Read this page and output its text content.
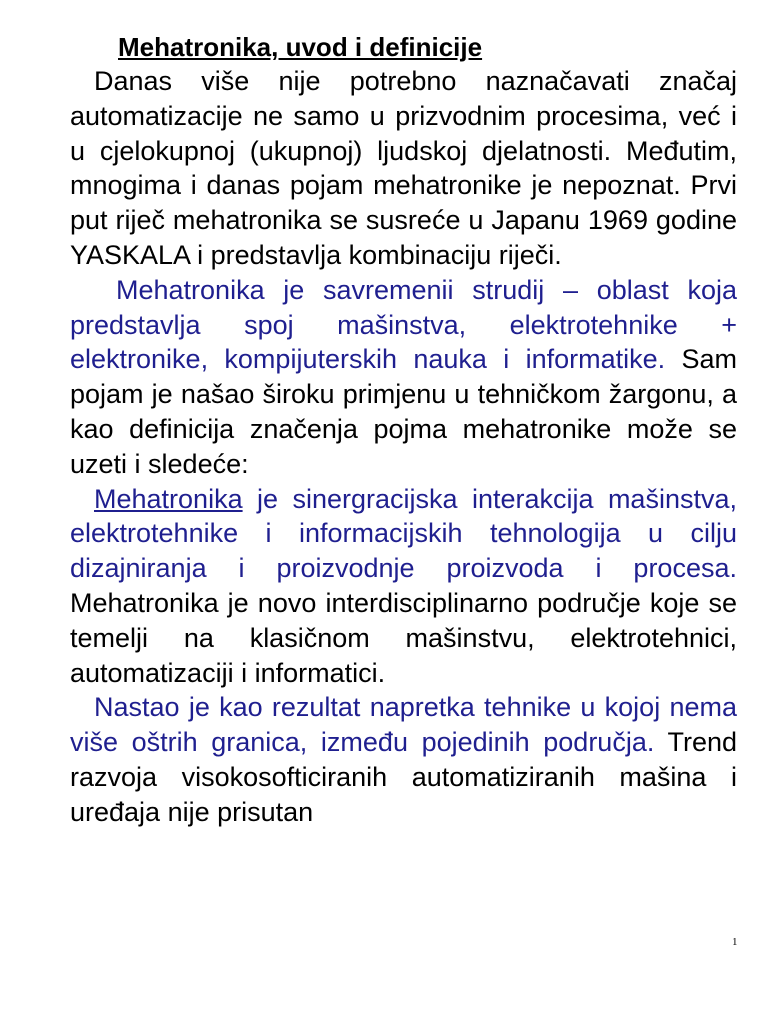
Mehatronika, uvod i definicije

Danas više nije potrebno naznačavati značaj automatizacije ne samo u prizvodnim procesima, već i u cjelokupnoj (ukupnoj) ljudskoj djelatnosti. Međutim, mnogima i danas pojam mehatronike je nepoznat. Prvi put riječ mehatronika se susreće u Japanu 1969 godine YASKALA i predstavlja kombinaciju riječi.

Mehatronika je savremenii strudij – oblast koja predstavlja spoj mašinstva, elektrotehnike + elektronike, kompijuterskih nauka i informatike. Sam pojam je našao široku primjenu u tehničkom žargonu, a kao definicija značenja pojma mehatronike može se uzeti i sledeće:

Mehatronika je sinergracijska interakcija mašinstva, elektrotehnike i informacijskih tehnologija u cilju dizajniranja i proizvodnje proizvoda i procesa. Mehatronika je novo interdisciplinarno područje koje se temelji na klasičnom mašinstvu, elektrotehnici, automatizaciji i informatici.

Nastao je kao rezultat napretka tehnike u kojoj nema više oštrih granica, između pojedinih područja. Trend razvoja visokosofticiranih automatiziranih mašina i uređaja nije prisutan

1
